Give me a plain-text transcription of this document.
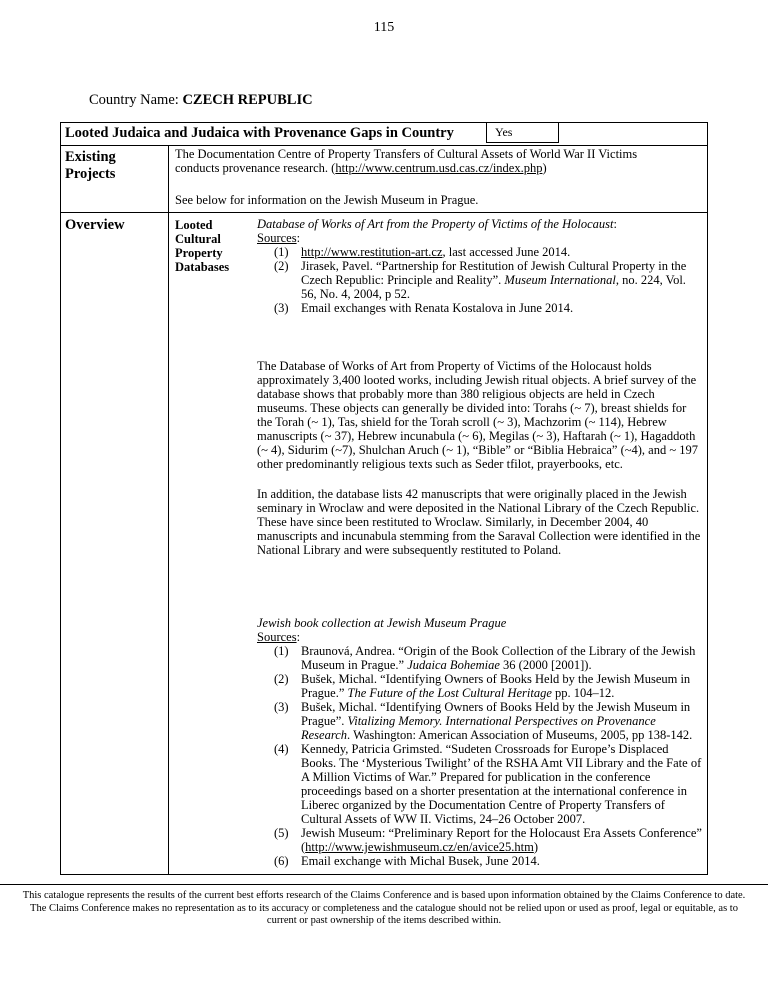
115
Country Name: CZECH REPUBLIC
Looted Judaica and Judaica with Provenance Gaps in Country	Yes
Existing
Projects
The Documentation Centre of Property Transfers of Cultural Assets of World War II Victims conducts provenance research. (http://www.centrum.usd.cas.cz/index.php)
See below for information on the Jewish Museum in Prague.
Overview	Looted
Cultural
Property
Databases
Database of Works of Art from the Property of Victims of the Holocaust:
Sources:
(1) http://www.restitution-art.cz, last accessed June 2014.
(2) Jirasek, Pavel. “Partnership for Restitution of Jewish Cultural Property in the Czech Republic: Principle and Reality”. Museum International, no. 224, Vol. 56, No. 4, 2004, p 52.
(3) Email exchanges with Renata Kostalova in June 2014.
The Database of Works of Art from Property of Victims of the Holocaust holds approximately 3,400 looted works, including Jewish ritual objects. A brief survey of the database shows that probably more than 380 religious objects are held in Czech museums. These objects can generally be divided into: Torahs (~ 7), breast shields for the Torah (~ 1), Tas, shield for the Torah scroll (~ 3), Machzorim (~ 114), Hebrew manuscripts (~ 37), Hebrew incunabula (~ 6), Megilas (~ 3), Haftarah (~ 1), Hagaddoth (~ 4), Sidurim (~7), Shulchan Aruch (~ 1), “Bible” or “Biblia Hebraica” (~4), and ~ 197 other predominantly religious texts such as Seder tfilot, prayerbooks, etc.
In addition, the database lists 42 manuscripts that were originally placed in the Jewish seminary in Wroclaw and were deposited in the National Library of the Czech Republic. These have since been restituted to Wroclaw. Similarly, in December 2004, 40 manuscripts and incunabula stemming from the Saraval Collection were identified in the National Library and were subsequently restituted to Poland.
Jewish book collection at Jewish Museum Prague
Sources:
(1) Braunová, Andrea. “Origin of the Book Collection of the Library of the Jewish Museum in Prague.” Judaica Bohemiae 36 (2000 [2001]).
(2) Bušek, Michal. “Identifying Owners of Books Held by the Jewish Museum in Prague.” The Future of the Lost Cultural Heritage pp. 104–12.
(3) Bušek, Michal. “Identifying Owners of Books Held by the Jewish Museum in Prague”. Vitalizing Memory. International Perspectives on Provenance Research. Washington: American Association of Museums, 2005, pp 138-142.
(4) Kennedy, Patricia Grimsted. “Sudeten Crossroads for Europe’s Displaced Books. The ‘Mysterious Twilight’ of the RSHA Amt VII Library and the Fate of A Million Victims of War.” Prepared for publication in the conference proceedings based on a shorter presentation at the international conference in Liberec organized by the Documentation Centre of Property Transfers of Cultural Assets of WW II. Victims, 24–26 October 2007.
(5) Jewish Museum: “Preliminary Report for the Holocaust Era Assets Conference” (http://www.jewishmuseum.cz/en/avice25.htm)
(6) Email exchange with Michal Busek, June 2014.
This catalogue represents the results of the current best efforts research of the Claims Conference and is based upon information obtained by the Claims Conference to date. The Claims Conference makes no representation as to its accuracy or completeness and the catalogue should not be relied upon or used as proof, legal or equitable, as to current or past ownership of the items described within.
